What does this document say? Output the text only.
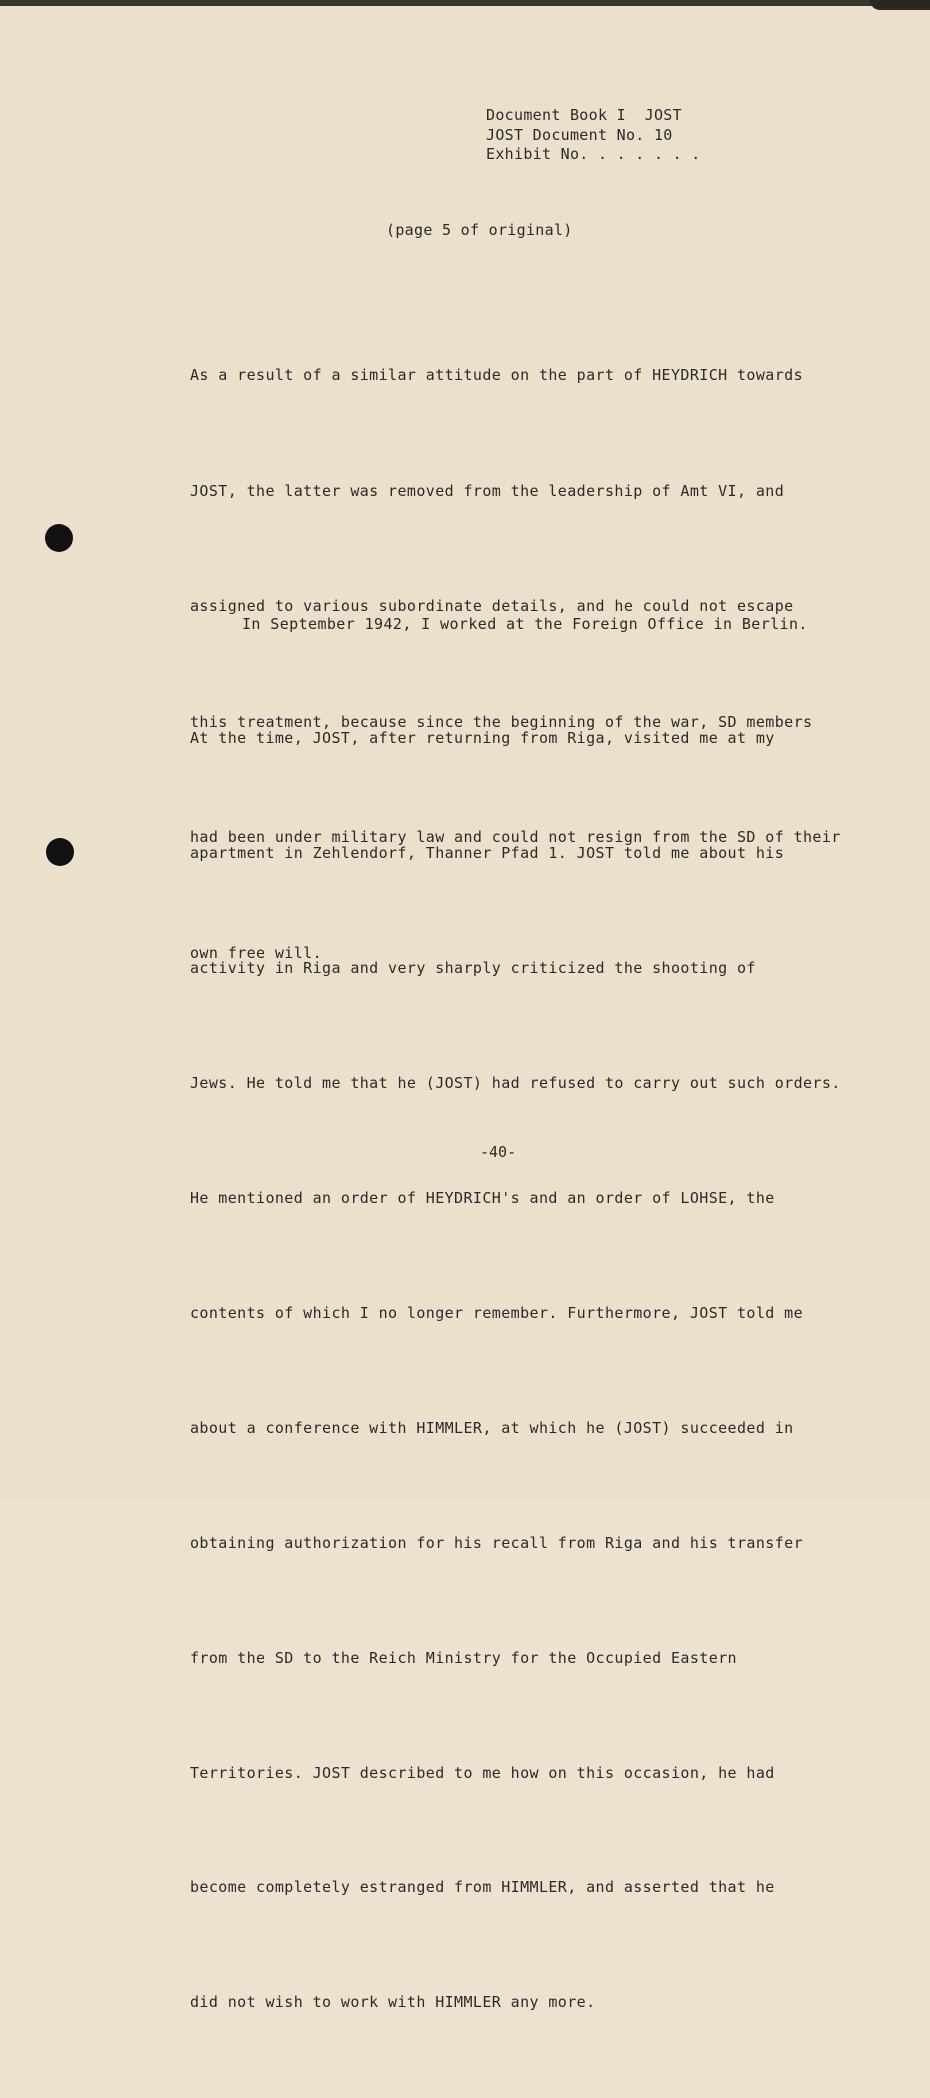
Document Book I  JOST
JOST Document No. 10
Exhibit No. . . . . . .
(page 5 of original)

As a result of a similar attitude on the part of HEYDRICH towards

JOST, the latter was removed from the leadership of Amt VI, and

assigned to various subordinate details, and he could not escape

this treatment, because since the beginning of the war, SD members

had been under military law and could not resign from the SD of their

own free will.

In September 1942, I worked at the Foreign Office in Berlin.

At the time, JOST, after returning from Riga, visited me at my

apartment in Zehlendorf, Thanner Pfad 1. JOST told me about his

activity in Riga and very sharply criticized the shooting of

Jews. He told me that he (JOST) had refused to carry out such orders.

He mentioned an order of HEYDRICH's and an order of LOHSE, the

contents of which I no longer remember. Furthermore, JOST told me

about a conference with HIMMLER, at which he (JOST) succeeded in

obtaining authorization for his recall from Riga and his transfer

from the SD to the Reich Ministry for the Occupied Eastern

Territories. JOST described to me how on this occasion, he had

become completely estranged from HIMMLER, and asserted that he

did not wish to work with HIMMLER any more.

-40-
